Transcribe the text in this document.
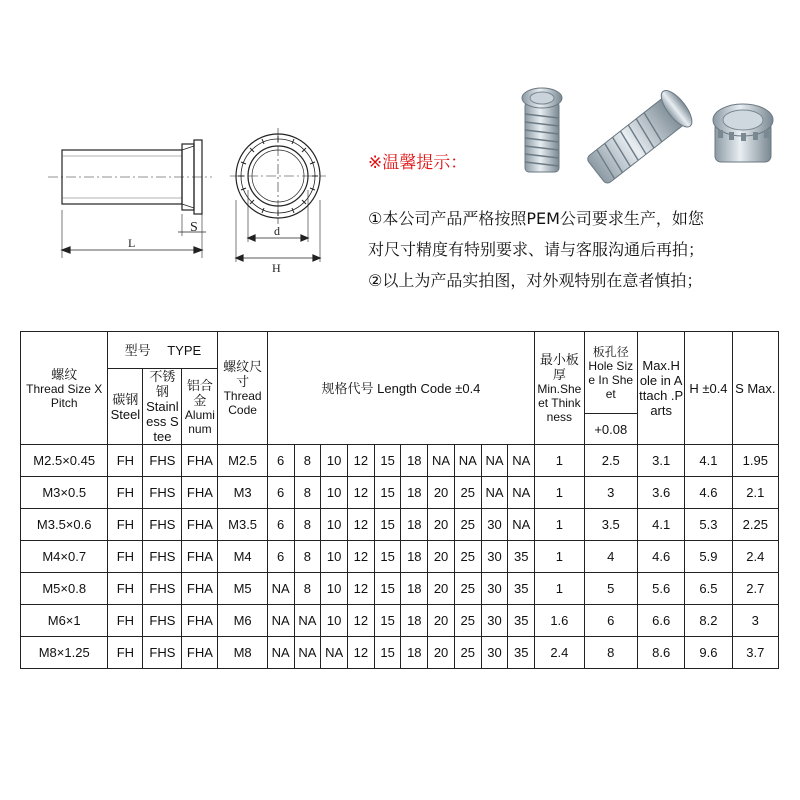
S
L
d
H
※温馨提示：
①本公司产品严格按照PEM公司要求生产，如您
对尺寸精度有特别要求、请与客服沟通后再拍；
②以上为产品实拍图，对外观特别在意者慎拍；
螺纹
Thread Size X Pitch	型号　 TYPE			螺纹尺寸
Thread Code	规格代号 Length Code ±0.4										最小板厚
Min.Sheet Thinkness	板孔径
Hole Size In Sheet	Max.Hole in Attach .Parts	H ±0.4	S Max.

	碳钢
Steel	不锈钢
Stainless Stee	铝合金
Aluminum																

																+0.08			
M2.5×0.45	FH	FHS	FHA	M2.5	6	8	10	12	15	18	NA	NA	NA	NA	1	2.5	3.1	4.1	1.95
M3×0.5	FH	FHS	FHA	M3	6	8	10	12	15	18	20	25	NA	NA	1	3	3.6	4.6	2.1
M3.5×0.6	FH	FHS	FHA	M3.5	6	8	10	12	15	18	20	25	30	NA	1	3.5	4.1	5.3	2.25
M4×0.7	FH	FHS	FHA	M4	6	8	10	12	15	18	20	25	30	35	1	4	4.6	5.9	2.4
M5×0.8	FH	FHS	FHA	M5	NA	8	10	12	15	18	20	25	30	35	1	5	5.6	6.5	2.7
M6×1	FH	FHS	FHA	M6	NA	NA	10	12	15	18	20	25	30	35	1.6	6	6.6	8.2	3
M8×1.25	FH	FHS	FHA	M8	NA	NA	NA	12	15	18	20	25	30	35	2.4	8	8.6	9.6	3.7
